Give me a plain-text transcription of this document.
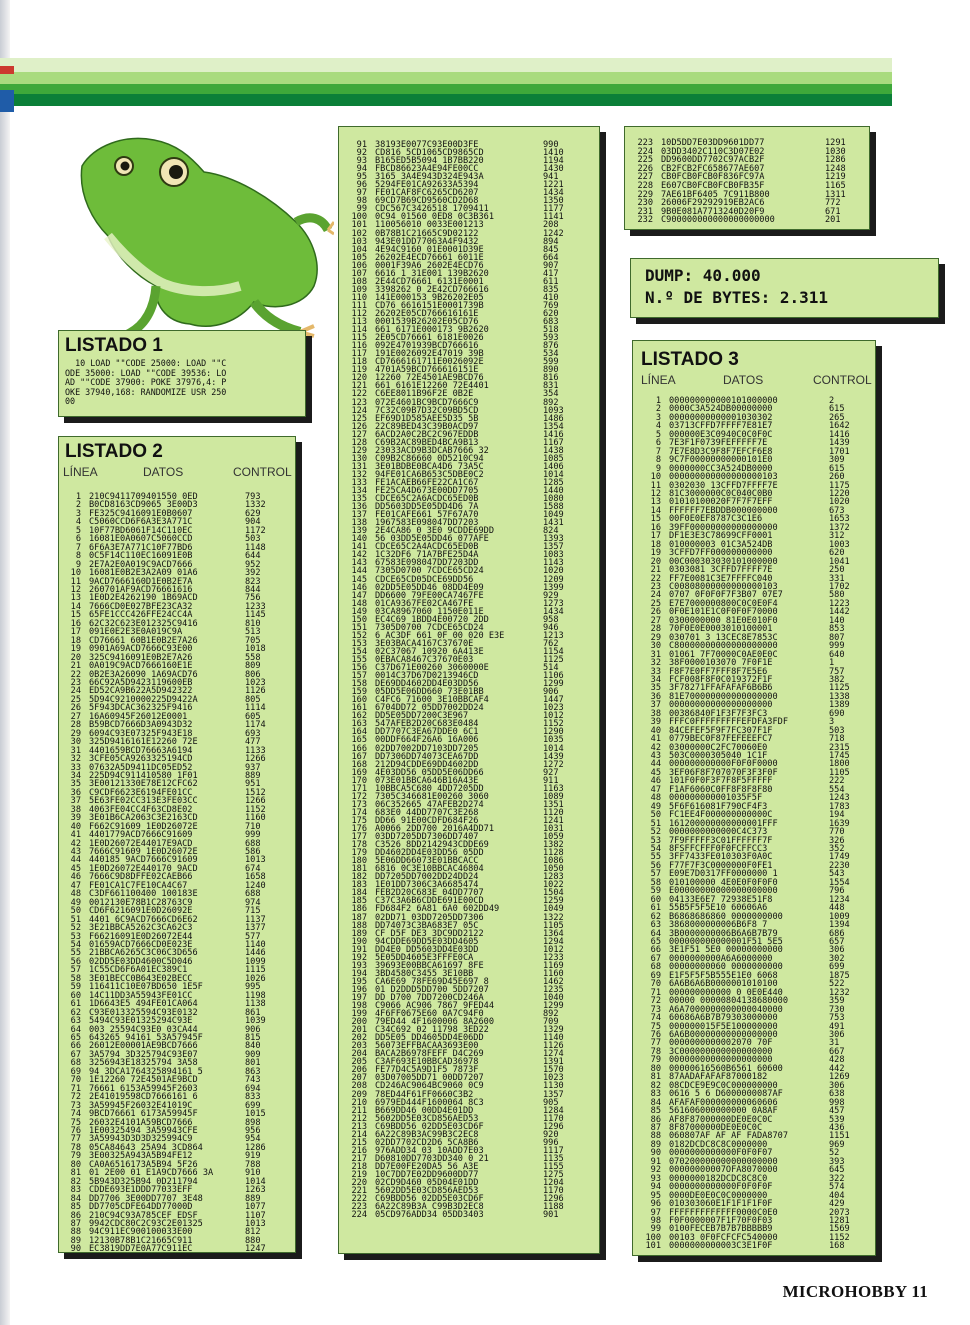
LISTADO 1
10 LOAD ""CODE 25000: LOAD ""C
ODE 35000: LOAD ""CODE 39536: LO
AD ""CODE 37900: POKE 37976,4: P
OKE 37940,168: RANDOMIZE USR 250
00
LISTADO 2
LÍNEA	DATOS	CONTROL
1 210C9411709401550 0ED	793
2 B0CD8163CD9065 3E00D3	1332
3 FE325C9416091E0B0607	629
4 C5060CCD6F6A3E3A771C	904
5 10F77BD6061F14C110EC	1172
6 16081E0A0607C5060CCD	503
7 6F6A3E7A771C10F77BD6	1148
8 0C5F14C110EC16091E0B	644
9 2E7A2E0A019C9ACD7666	952
10 16081E0B2E3A2A09 01A6	392
11 9ACD7666160D1E0B2E7A	823
12 260701AF9ACD76661616	844
13 1E0D2E4262190 1B69ACD	756
14 7666CD0E027BFE23CA32	1233
15 65FE1CCC426FFE24CC4A	1145
16 62C32C623E012325C9416	810
17 091E0E2E3E0A019C9A	513
18 CD76661 60B1E0B2E7A26	705
19 0901A69ACD7666C93E00	1018
20 325C9416091E0B2E7A26	558
21 0A019C9ACD7666160E1E	809
22 0B2E3A26090 1A69ACD76	806
23 66C92A5D9423119600EB	1023
24 ED52CA9B622A5D942322	1126
25 5D94C9210000225D9422A	805
26 5F943DCAC362325F9416	1114
27 16A60945F26012E0001	605
28 B59BCD7666D3A0943D32	1174
29 6094C93E07325F943E18	693
30 325D9416161E12260 72E	477
31 4401659BCD76663A6194	1133
32 3CFE05CA9263325194CD	1266
33 07632A5D9411DC05ED52	937
34 225D94C911410580 1F01	889
35 3E00121330E78E12CFC62	951
36 C9CDF6623E6194FE01CC	1512
37 5E63FE02CC313E3FE03CC	1266
38 4063FE04CC4F63CD8E02	1152
39 3E01B6CA2063C3E2163CD	1160
40 F662C91609 1E0D26072E	710
41 4401779ACD7666C91609	999
42 1E0D26072E44017E9ACD	688
43 7666C91609 1E0D26072E	586
44 440185 9ACD7666C91609	1013
45 1E0D26072E440170 9ACD	674
46 7666C9D8DFFE02CAEB66	1658
47 FE01CA1C7FE10CA4C67	1240
48 C3DF661100400 100183E	688
49 0012130E78B1C28763C9	974
50 CD6F6216091E0D26092E	715
51 4401 6C9ACD7666CD6E62	1137
52 3E21BBCA5262C3CA62C3	1377
53 F66216091E0D26072E44	577
54 01659ACD7666CD0E023E	1140
55 21BBCA6265C3C06C3D656	1446
56 02DD5E03DD4600C5D046	1099
57 1C55CD6F6A01EC389C1	1115
58 3E01BECC0B643E02BECC	1026
59 116411C10E07BD650 1E5F	995
60 14C11DD3A55943FE01CC	1198
61 1D6643E5 494FE01CA064	1138
62 C93E013325594C93E0132	861
63 5494C93E01325294C93E	1039
64 003 25594C93E0 03CA44	906
65 643265 94161 53A57945F	815
66 26012E00001AE9BCD7666	840
67 3A5794 3D325794C93E07	909
68 3256943E18325794 3A58	801
69 94 3DCA1764325894161 5	863
70 1E12260 72E4501AE9BCD	743
71 76661 6153A59945F2603	694
72 2E41019598CD7666161 6	833
73 3A59945F26032E41019C	699
74 9BCD76661 6173A59945F	1015
75 26032E4101A59BCD7666	898
76 1E00325494 3A59943CFE	956
77 3A59943D3D3D325994C9	954
78 05CA84643 25A94 3CD864	1286
79 3E00325A943A5B94FE12	919
80 CA0A6516173A5B94 5F26	788
81 01 2E00 01 E1A9CD7666 3A	910
82 5B943D325B94 0D211794	1014
83 CDDE693E1DDD77033EFF	1263
84 DD7706 3E00DD7707 3E48	889
85 DD7705CDFE64DD77000D	1077
86 210C94C93A785CEF EDSF	1107
87 9942CDC80C2C93C2E01325	1013
88 94C911EC900100033E00	812
89 12130B78B1C21665C911	880
90 EC3819DD7E0A77C911EC	1247
91 38193E0077C93E00D3FE	990
92 CD816 5CD1065CD9865CD	1410
93 B165ED5B5094 1B7BB220	1194
94 FBCD86623A4E94FE00CC	1430
95 3165 3A4E943D324E943A	941
96 5294FE01CA92633A5394	1221
97 FE01CAF8FC6265CD6207	1434
98 69CD7B69CD9560CD2D68	1350
99 CDC567C3426518 1709411	1177
100 0C94 01560 0ED8 0C3B361	1141
101 110056010 0033E001213	208
102 0B78B1C21665C9D02122	1242
103 943E01DD77063A4F9432	894
104 4E94C9160 01E0001D39E	845
105 26202E4ECD76661 6011E	664
106 0001F39A6 2602E4ECD76	907
107 6616 1 31E001 139B2620	417
108 2E44CD76661 6131E0001	611
109 3398262 0 2E42CD766616	835
110 141E000153 9B26202E05	410
111 CD76 6616151E0001739B	769
112 26202E05CD766616161E	620
113 0001539B26202E05CD76	683
114 661 6171E000173 9B2620	518
115 2E05CD76661 6181E0026	593
116 092E4701939BCD766616	876
117 191E0026092E47019 39B	534
118 CD7666161711E0026092E	599
119 4701A59BCD766616151E	890
120 12260 72E4501AE9BCD76	816
121 661 6161E12260 72E4401	831
122 C6EE8011B96F2E 0B2E	354
123 072E4601BC9BCD7666C9	892
124 7C32C09B7D32C09BD5CD	1093
125 EF69D1D585AEE5D35 5B	1486
126 22C89BED43C39B0ACD97	1354
127 6ACD2A0C2BC2C967EDDB	1416
128 C69B2AC89BED4BCA9B13	1167
129 23033ACD9B3DCAB7666 32	1438
130 C09B2C86660 0D5210C94	1085
131 3E01BDBE0BCA4D6 73A5C	1406
132 94FE01CA6B653C5DBE0C2	1014
133 FE1ACAEB66FE22CA1C67	1285
134 FE25CA4D673E00DD7705	1440
135 CDCE65C2A6ACDC65ED0B	1080
136 DD5603DD5E05DD4D6 7A	1588
137 FE01CAFE661 57F67A70	1049
138 1967583E098047DD7203	1431
139 2E4CA86 0 3E0 9CDDE69DD	824
140 56 03DD5E05DD46 077AFE	1393
141 CDCE65C2A4ACDC65ED0B	1357
142 1C32DF6 71A7BFE25D4A	1083
143 67583E098047DD7203DD	1143
144 7305D0700 7CDCE65CD24	1020
145 CDCE65CD05DCE69DD56	1209
146 02DD5E05DD46 08DD4E09	1399
147 DD6600 79FE00CA7467FE	929
148 01CA9367FE02CA467FE	1273
149 03CA8967060 1150E011E	1434
150 EC4C69 1BDD4E00720 2DD	958
151 7305D0700 7CDCE65CD24	946
152 6 AC3DF 661 0F 00 020 E3E	1213
153 3E03BACA4167C37670E	762
154 02C37067 10920 6A413E	1154
155 0EBACA8467C37670E03	1125
156 C37D671E00260 3060000E	514
157 0014C37D67D0213946CD	1106
158 DE69DD4602DD4E03DD56	1299
159 05DD5E06DD660 73E01BB	906
160 C4FC6 71600 3E10BBCAF4	1447
161 6704DD72 05DD7002DD24	1023
162 DD5E05DD7200C3E967	1012
163 547AFEB2D20C683E0484	1152
164 DD7707C3EA67DDE0 6C1	1290
165 00DDF664F26A6 16A006	1035
166 02DD7002DD7103DD7205	1014
167 DD7306DD74073CEA67DD	1439
168 212D94CDDE69DD4602DD	1272
169 4E03DD56 05DD5E06DD66	927
170 073E01BBCA646B16A43E	911
171 10BBCA5C680 4DD7205DD	1163
172 7305C346681E00260 3060	1089
173 06C352665 47AFEB2D274	1351
174 683E0 44DD7707C3E268	1120
175 DD66 91E00CDFD684F26	1241
176 A0066 2DD700 2016A4DD71	1031
177 03DD7205DD7306DD7407	1059
178 C3526 8DD2142943CDDE69	1382
179 DD4602DD4E03DD56 05DD	1128
180 5E06DD66073E01BBCACC	1086
181 6816 0C3E10BBCAC46804	1050
182 DD7205DD7002DD24DD24	1283
183 1E01DD7306C3A6685474	1022
184 FEB2D20C683E 04DD7707	1504
185 C37C3A6B6CDDE691E00CD	1259
186 FD684F2 6A81 6A0 602DD49	1049
187 02DD71 03DD7205DD7306	1322
188 DD74073C3BA683E7 05C	1105
189 CF D5F DE3 3DC9DD2122	1364
190 94CDDE69DD5E03DD4605	1294
191 DD4E0 DD5603DD4E03DD	1012
192 5E05DD4605E3FFFE0CA	1233
193 39693E00BBCA61697 8FE	1169
194 3BD4580C3455 3E10BB	1160
195 CA6E69 78FE69D45E697 8	1462
196 01 D2DDD5DD700 5DD7207	1235
197 DD D700 7DD7200CD246A	1040
198 C9066 AC906 7867 9FED44	1299
199 4F6FF0675E60 0A7C94F0	892
200 79ED44 4F1600006 8A2600	709
201 C34C692 02 11798 3ED22	1329
202 DD5E05 DD4605DD4E06DD	1140
203 56073EFFBACAA3693E00	1126
204 BACA2B6978FEFF D4C269	1274
205 C3AF693E10BBCAD36978	1391
206 FE77D4C5A9D1F5 7873F	1570
207 03D07005DD71 00DD7207	1023
208 CD246AC9064BC9060 0C9	1130
209 78ED44F61FF0660C3B2	1357
210 6979ED444F1600064 8C3	905
211 B669DD46 00DD4E01DD	1284
212 5602DD5E03CD856AED53	1170
213 C69BDD56 02DD5E03CD6F	1296
214 6A22C89B3AC99B3C2EC8	920
215 02DD7702CD2D6 5CA8B6	996
216 976ADD34 03 10ADD7E03	1117
217 D60810DD7703DD340 0 21	1135
218 DD7E00FE20DA5 56 A3E	1155
219 10C7DD7E02DD9600DD77	1275
220 02CD9D460 05D04E01DD	1204
221 5602DD5E03CD856AED53	1170
222 C69BDD56 02DD5E03CD6F	1296
223 6A22C89B3A C99B3D2EC8	1188
224 05CD976ADD34 05DD3403	901
223 10D5DD7E03DD9601DD77	1291
224 03DD3402C110C3D07E02	1030
225 DD9600DD7702C97ACB2F	1286
226 CB2FCB2FC658677AE607	1248
227 CB0FCB0FCB0F836FC97A	1219
228 E607CB0FCB0FCB0FB35F	1165
229 7AE61BF6405 7C911B800	1311
230 26006F29292919EB2AC6	772
231 9B0E081A7713240D20F9	671
232 C900000000000000000000	201
DUMP: 40.000
N.º DE BYTES: 2.311
LISTADO 3
LÍNEA	DATOS	CONTROL
1 000000000000101000000	2
2 0000C3A524DB00000000	615
3 00000000000001030302	265
4 03713CFFD7FFFF7E81E7	1642
5 000000E3C0940C0C0F0C	1416
6 7E3F1F0739FEFFFFF7E	1439
7 7E7E8D3C9F8F7EFCF6E8	1701
8 9C7F00000000000101E0	309
9 0000000CC3A524DB0000	615
10 000000000000000000103	260
11 0302030 13CFFD7FFFF7E	1175
12 81C3000000C0C040C0B0	1220
13 01010100020F7F7F7EFF	1020
14 FFFFFF7EBDDB000000000	673
15 00F0E0EF8787C3C1E6	1653
16 39FF00000000000000000	1372
17 DF1E3E3C78699CFF0001	312
18 010000003 01C3A524DB	1003
19 3CFFD7FF000000000000	620
20 00C000303030101000000	1041
21 0303081 3CFFD7FFFF7E	250
22 FF7E0081C3E7FFFFC040	331
23 C00808000000000000103	1702
24 0707 0F0F0F7F3B07 07E7	580
25 E7E7000000800C0C0E0F4	1223
26 0F0E101E1C0F0F0F70000	1442
27 0300000000 81E0E010F0	140
28 70F0E0E0003010100001	853
29 030701 3 13CEC8E7853C	807
30 C80000000000000000000	999
31 01061 7F70000C0AE0E0C	640
32 38F0000103070 7F0F1E	1
33 F8F7E0FF7FFF8F7E5E6	757
34 FCF008F8F0C019372F1F	382
35 3F78271FFAFAFAF6B6B6	1125
36 81E700000000000000000	1338
37 00000000000000000000	1389
38 00386840F1F3F7F3FC3	690
39 FFFC0FFFFFFFFFEFDFA3FDF	3
40 84CEFEF5F9F7FC307F1F	503
41 0779BEC0F87FEFEEEFC7	718
42 03000000C2FC70060E0	2315
43 503C0000305040 1C1F	1745
44 000000000000F0F0F0000	1800
45 3EF06F8F707070F3F3F0F	1105
46 101F0F0F3F7F8F5FFFFF	222
47 F1AF6060C0FF8F8F8F80	554
48 000000000001035F5F	1243
49 5F6F616081F790CF4F3	1783
50 FC1EE4F000000000000C	194
51 161200000000000001FFF	1639
52 0000000000000C4C373	770
53 7F9FFFFF3C01FFFFFF7F	326
54 8FSFFCFFF0F0FCFFCC3	352
55 3FF7433FE010303F0A0C	1749
56 F77F7F3C0000000F0FE1	2230
57 E09E7D0317FF0000000 1	543
58 010100000 4E0E0F0F0F0	1554
59 E00000000000000000000	796
60 04133E6E7 72938E51F8	1234
61 55B5F5F5E10 60606A6	448
62 B6868686860 0000000000	1009
63 3868000000006B6F8 7	1394
64 3B0000000006B6A6B7B79	686
65 000000000000001F51 5E5	657
66 3E1F51 5E0 00000000000	306
67 0000000000A6A6000000	302
68 00000000060 0000000000	699
69 E1F5F5F5B555E1E0 6068	1875
70 6A6B6A6B0000001010100	522
71 000000000000 0 0E0E440	1232
72 00000 00000804138680000	359
73 A6A7000000000000040000	730
74 60686A6B7B79303000000	753
75 000000015F5E100000000	491
76 6A6B00000000000000000	306
77 0000000000002070 70F	31
78 3C000000000000000000	667
79 00000000000000000000	428
80 00000616560B6561 60600	442
81 87AADAFAFAF87000182	1269
82 08CDCE9E9C0C000000000	306
83 0616 5 6 D6000000087AF	638
84 AFAFAF000000000060606	998
85 561606000000000 0A8AF	457
86 AF8F87000000DE0E0C0C	539
87 8F87000000DE0E0C0C	436
88 060807AF AF AF FADA8707	1151
89 0182DCDC8C8C0000000	969
90 0000000000000F0F0F07	52
91 070200000000000000000	393
92 00000000007OFA8070000	645
93 0000000182DCDC8C8C0	322
94 0000000000000F0F0F0F	574
95 0000DE0E0C0C0000000	404
96 010303060E1F1F1F1F0F	429
97 FFFFFFFFFFFFF0000C0E0	2073
98 F0F0000007F1F70F0F03	1281
99 0100FECEB7B7B7BBBBB9	1569
100 00103 0F0FCFCFC540000	1152
101 0000000000003C3E1F0F	168
MICROHOBBY 11
